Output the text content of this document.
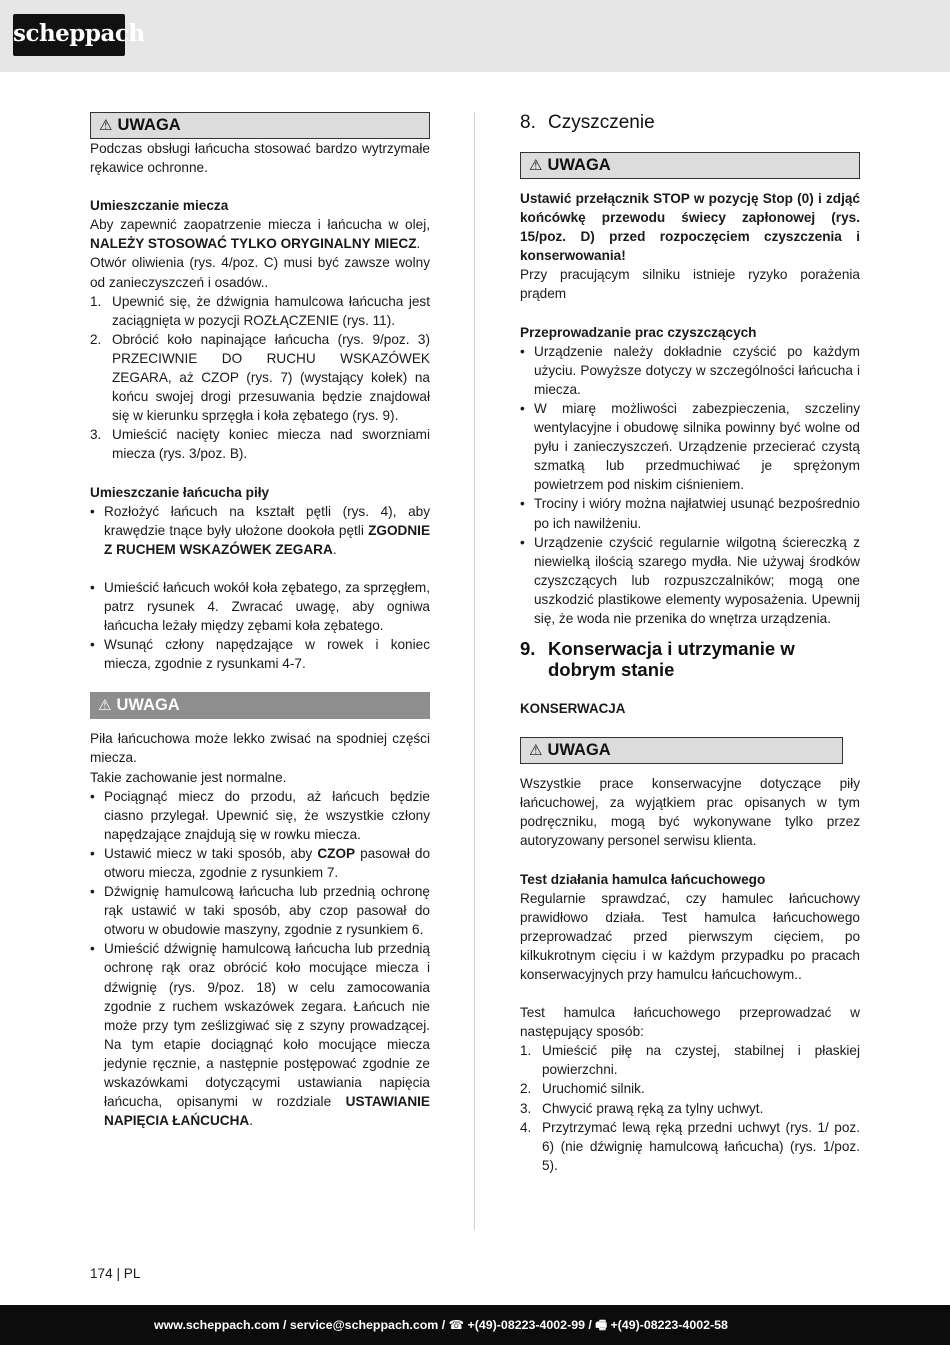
scheppach
⚠ UWAGA

Podczas obsługi łańcucha stosować bardzo wytrzymałe rękawice ochronne.

Umieszczanie miecza

Aby zapewnić zaopatrzenie miecza i łańcucha w olej, NALEŻY STOSOWAĆ TYLKO ORYGINALNY MIECZ.

Otwór oliwienia (rys. 4/poz. C) musi być zawsze wolny od zanieczyszczeń i osadów..

1. Upewnić się, że dźwignia hamulcowa łańcucha jest zaciągnięta w pozycji ROZŁĄCZENIE (rys. 11).
2. Obrócić koło napinające łańcucha (rys. 9/poz. 3) PRZECIWNIE DO RUCHU WSKAZÓWEK ZEGARA, aż CZOP (rys. 7) (wystający kołek) na końcu swojej drogi przesuwania będzie znajdował się w kierunku sprzęgła i koła zębatego (rys. 9).
3. Umieścić nacięty koniec miecza nad sworzniami miecza (rys. 3/poz. B).
Umieszczanie łańcucha piły
• Rozłożyć łańcuch na kształt pętli (rys. 4), aby krawędzie tnące były ułożone dookoła pętli ZGODNIE Z RUCHEM WSKAZÓWEK ZEGARA.
• Umieścić łańcuch wokół koła zębatego, za sprzęgłem, patrz rysunek 4. Zwracać uwagę, aby ogniwa łańcucha leżały między zębami koła zębatego.
• Wsunąć człony napędzające w rowek i koniec miecza, zgodnie z rysunkami 4-7.
⚠ UWAGA

Piła łańcuchowa może lekko zwisać na spodniej części miecza.

Takie zachowanie jest normalne.

• Pociągnąć miecz do przodu, aż łańcuch będzie ciasno przylegał. Upewnić się, że wszystkie człony napędzające znajdują się w rowku miecza.
• Ustawić miecz w taki sposób, aby CZOP pasował do otworu miecza, zgodnie z rysunkiem 7.
• Dźwignię hamulcową łańcucha lub przednią ochronę rąk ustawić w taki sposób, aby czop pasował do otworu w obudowie maszyny, zgodnie z rysunkiem 6.
• Umieścić dźwignię hamulcową łańcucha lub przednią ochronę rąk oraz obrócić koło mocujące miecza i dźwignię (rys. 9/poz. 18) w celu zamocowania zgodnie z ruchem wskazówek zegara. Łańcuch nie może przy tym ześlizgiwać się z szyny prowadzącej. Na tym etapie dociągnąć koło mocujące miecza jedynie ręcznie, a następnie postępować zgodnie ze wskazówkami dotyczącymi ustawiania napięcia łańcucha, opisanymi w rozdziale USTAWIANIE NAPIĘCIA ŁAŃCUCHA.
8. Czyszczenie
⚠ UWAGA

Ustawić przełącznik STOP w pozycję Stop (0) i zdjąć końcówkę przewodu świecy zapłonowej (rys. 15/poz. D) przed rozpoczęciem czyszczenia i konserwowania!

Przy pracującym silniku istnieje ryzyko porażenia prądem

Przeprowadzanie prac czyszczących
• Urządzenie należy dokładnie czyścić po każdym użyciu. Powyższe dotyczy w szczególności łańcucha i miecza.
• W miarę możliwości zabezpieczenia, szczeliny wentylacyjne i obudowę silnika powinny być wolne od pyłu i zanieczyszczeń. Urządzenie przecierać czystą szmatką lub przedmuchiwać je sprężonym powietrzem pod niskim ciśnieniem.
• Trociny i wióry można najłatwiej usunąć bezpośrednio po ich nawilżeniu.
• Urządzenie czyścić regularnie wilgotną ściereczką z niewielką ilością szarego mydła. Nie używaj środków czyszczących lub rozpuszczalników; mogą one uszkodzić plastikowe elementy wyposażenia. Upewnij się, że woda nie przenika do wnętrza urządzenia.
9. Konserwacja i utrzymanie w dobrym stanie
KONSERWACJA
⚠ UWAGA

Wszystkie prace konserwacyjne dotyczące piły łańcuchowej, za wyjątkiem prac opisanych w tym podręczniku, mogą być wykonywane tylko przez autoryzowany personel serwisu klienta.

Test działania hamulca łańcuchowego

Regularnie sprawdzać, czy hamulec łańcuchowy prawidłowo działa. Test hamulca łańcuchowego przeprowadzać przed pierwszym cięciem, po kilkukrotnym cięciu i w każdym przypadku po pracach konserwacyjnych przy hamulcu łańcuchowym..

Test hamulca łańcuchowego przeprowadzać w następujący sposób:

1. Umieścić piłę na czystej, stabilnej i płaskiej powierzchni.
2. Uruchomić silnik.
3. Chwycić prawą ręką za tylny uchwyt.
4. Przytrzymać lewą ręką przedni uchwyt (rys. 1/ poz. 6) (nie dźwignię hamulcową łańcucha) (rys. 1/poz. 5).
174 | PL
www.scheppach.com / service@scheppach.com / ☎ +(49)-08223-4002-99 / 🖷 +(49)-08223-4002-58
